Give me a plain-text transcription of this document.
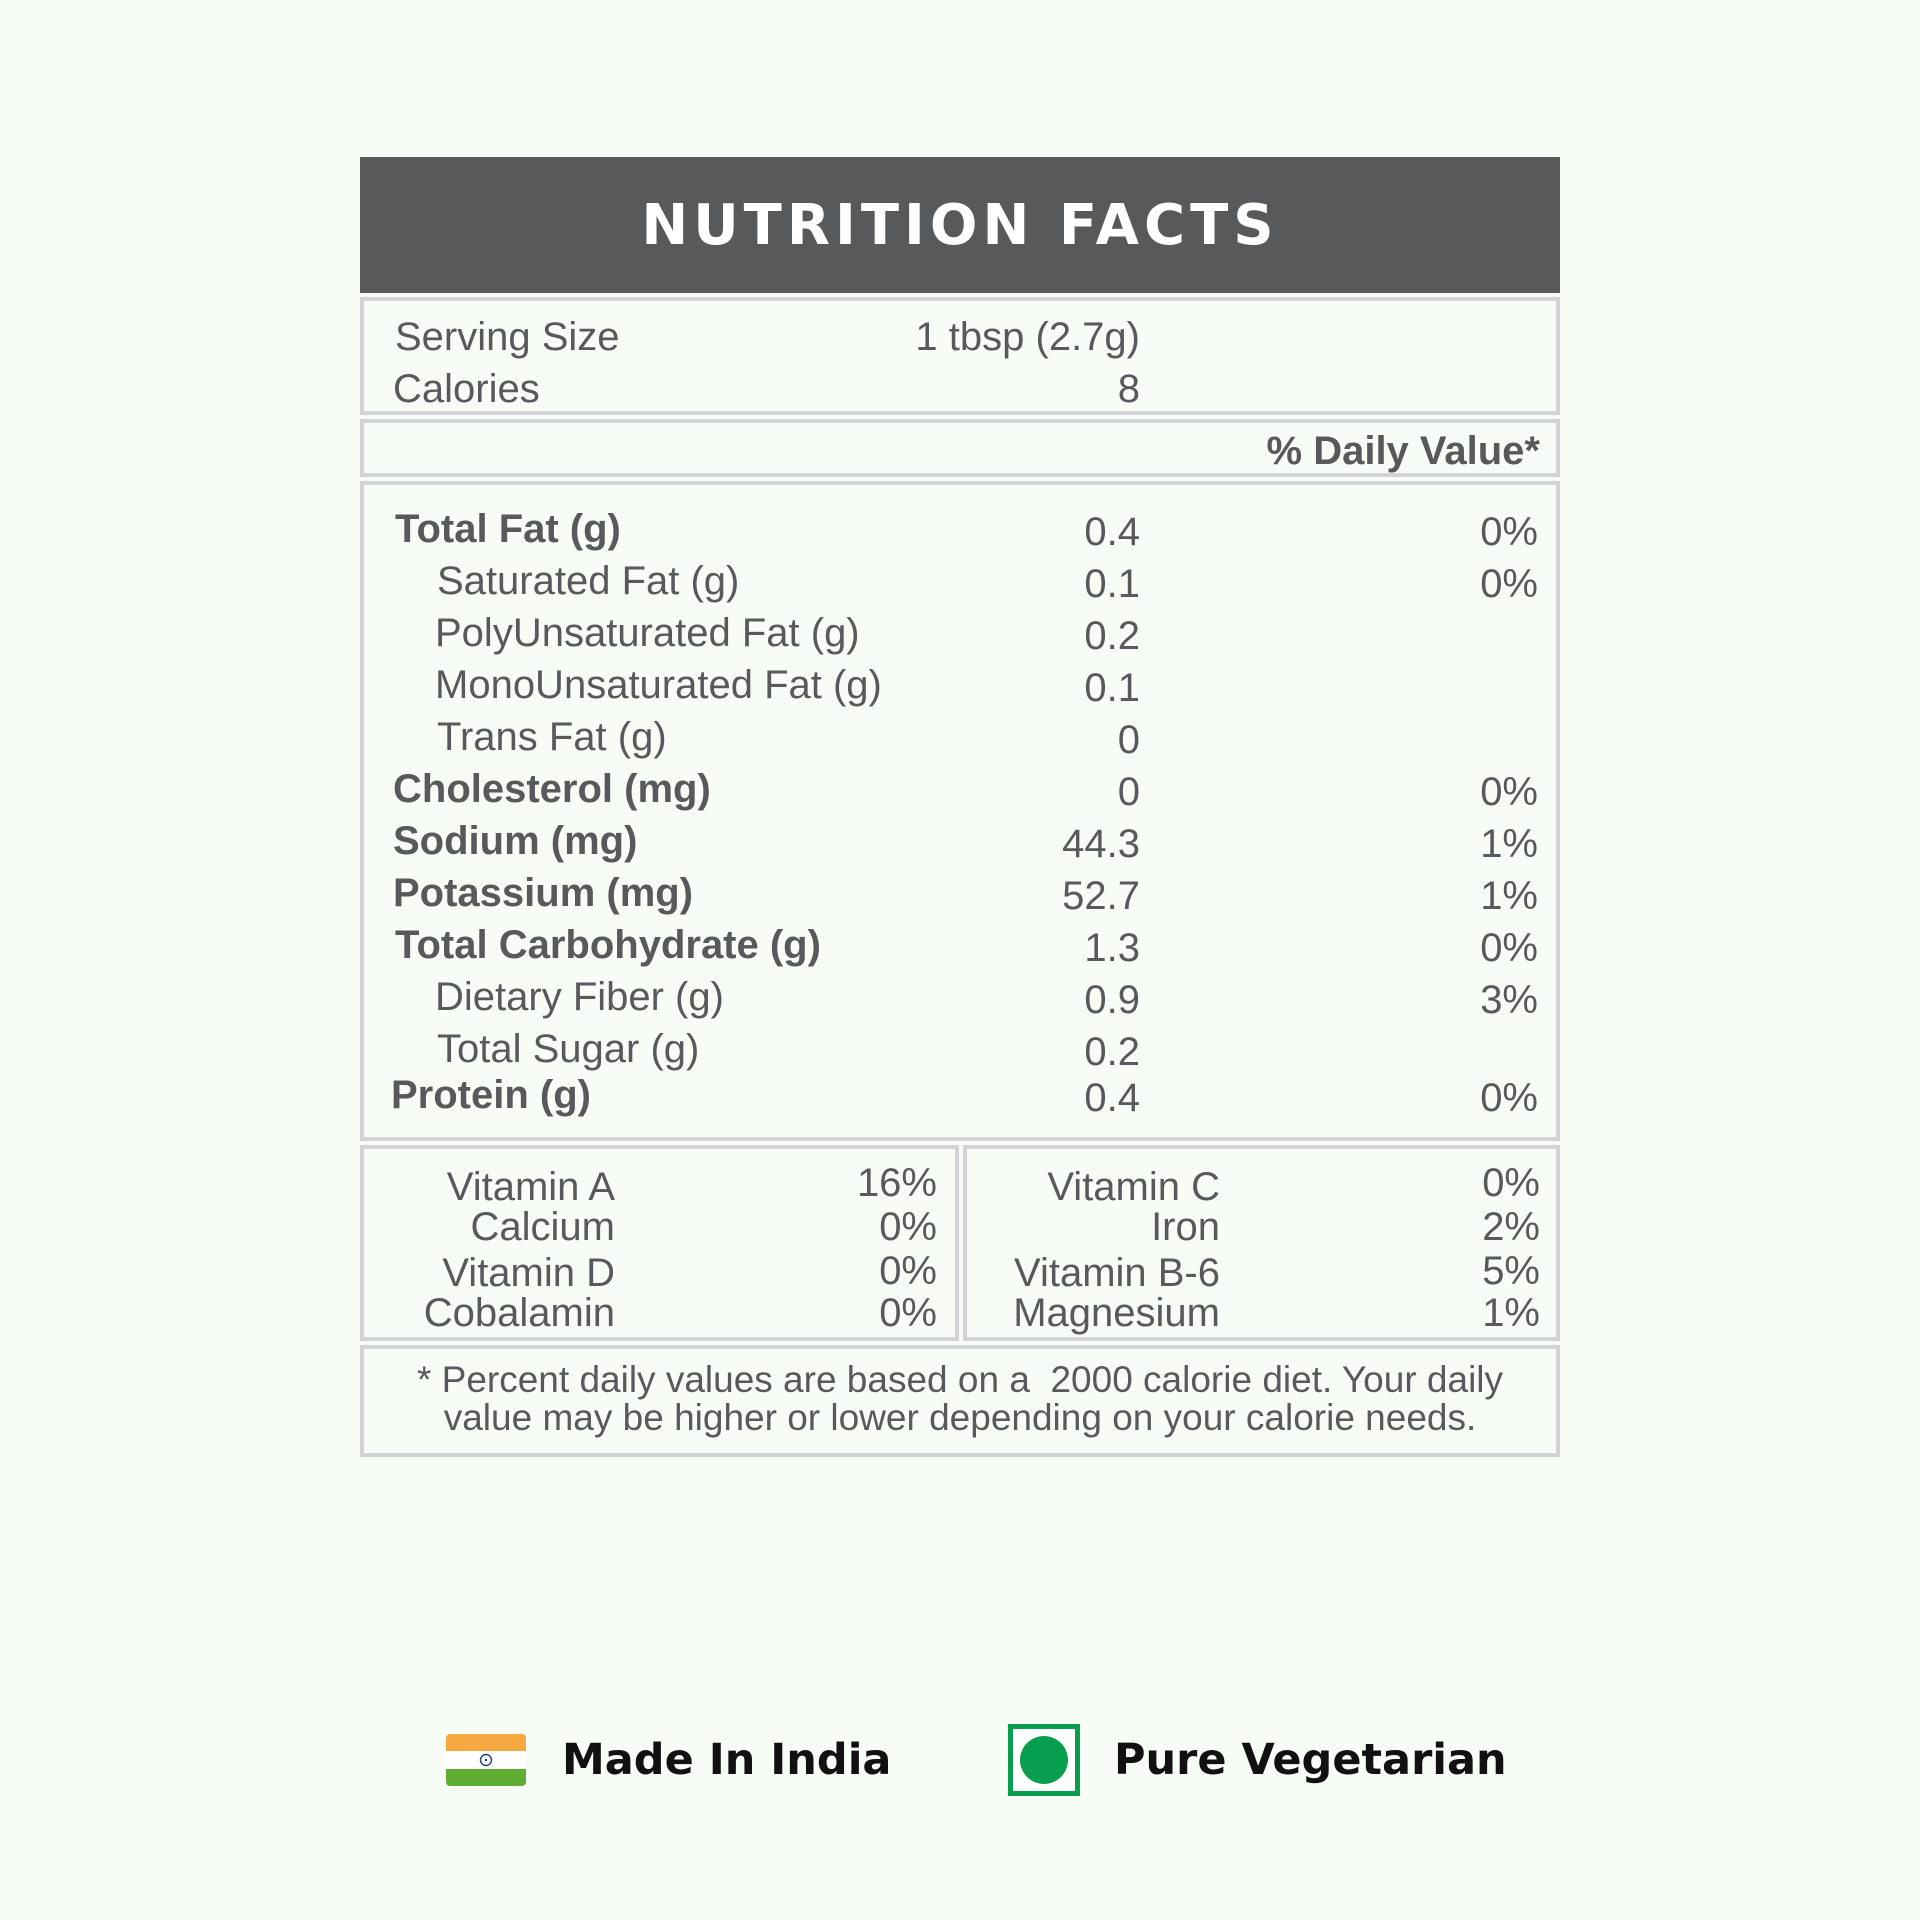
NUTRITION FACTS
Serving Size	1 tbsp (2.7g)
Calories	8
% Daily Value*
Total Fat (g)	0.4	0%
Saturated Fat (g)	0.1	0%
PolyUnsaturated Fat (g)	0.2
MonoUnsaturated Fat (g)	0.1
Trans Fat (g)	0
Cholesterol (mg)	0	0%
Sodium (mg)	44.3	1%
Potassium (mg)	52.7	1%
Total Carbohydrate (g)	1.3	0%
Dietary Fiber (g)	0.9	3%
Total Sugar (g)	0.2
Protein (g)	0.4	0%
Vitamin A	16%
Calcium	0%
Vitamin D	0%
Cobalamin	0%
Vitamin C	0%
Iron	2%
Vitamin B-6	5%
Magnesium	1%
* Percent daily values are based on a  2000 calorie diet. Your daily
value may be higher or lower depending on your calorie needs.
Made In India	Pure Vegetarian
